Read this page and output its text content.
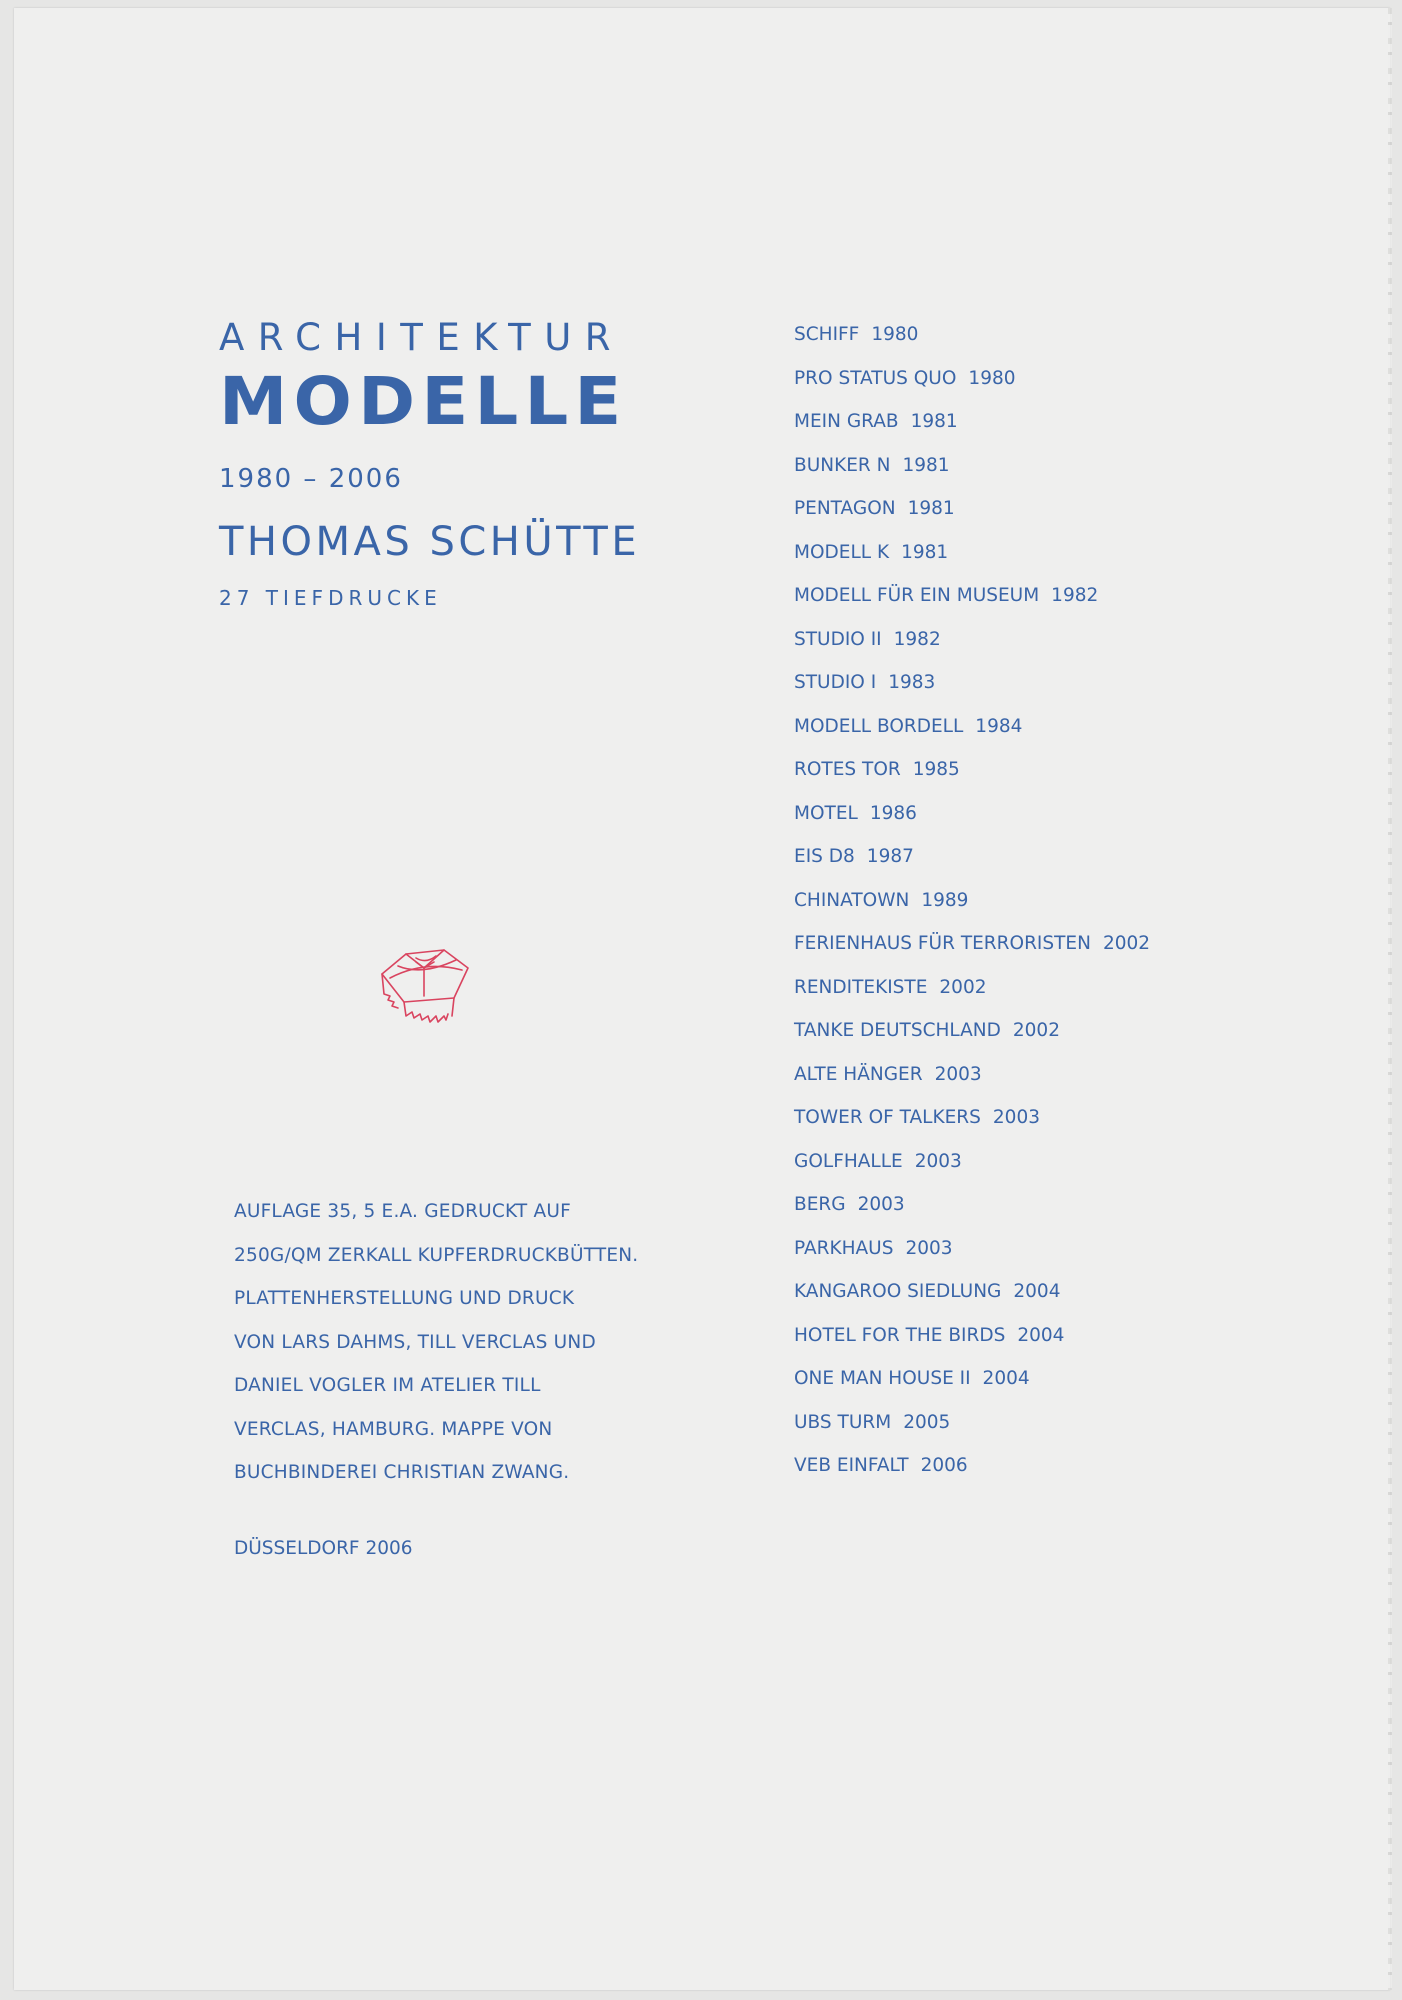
ARCHITEKTUR
MODELLE
1980 – 2006
THOMAS SCHÜTTE
27 TIEFDRUCKE
AUFLAGE 35, 5 E.A. GEDRUCKT AUF
250G/QM ZERKALL KUPFERDRUCKBÜTTEN.
PLATTENHERSTELLUNG UND DRUCK
VON LARS DAHMS, TILL VERCLAS UND
DANIEL VOGLER IM ATELIER TILL
VERCLAS, HAMBURG. MAPPE VON
BUCHBINDEREI CHRISTIAN ZWANG.
DÜSSELDORF 2006
SCHIFF 1980
PRO STATUS QUO 1980
MEIN GRAB 1981
BUNKER N 1981
PENTAGON 1981
MODELL K 1981
MODELL FÜR EIN MUSEUM 1982
STUDIO II 1982
STUDIO I 1983
MODELL BORDELL 1984
ROTES TOR 1985
MOTEL 1986
EIS D8 1987
CHINATOWN 1989
FERIENHAUS FÜR TERRORISTEN 2002
RENDITEKISTE 2002
TANKE DEUTSCHLAND 2002
ALTE HÄNGER 2003
TOWER OF TALKERS 2003
GOLFHALLE 2003
BERG 2003
PARKHAUS 2003
KANGAROO SIEDLUNG 2004
HOTEL FOR THE BIRDS 2004
ONE MAN HOUSE II 2004
UBS TURM 2005
VEB EINFALT 2006
